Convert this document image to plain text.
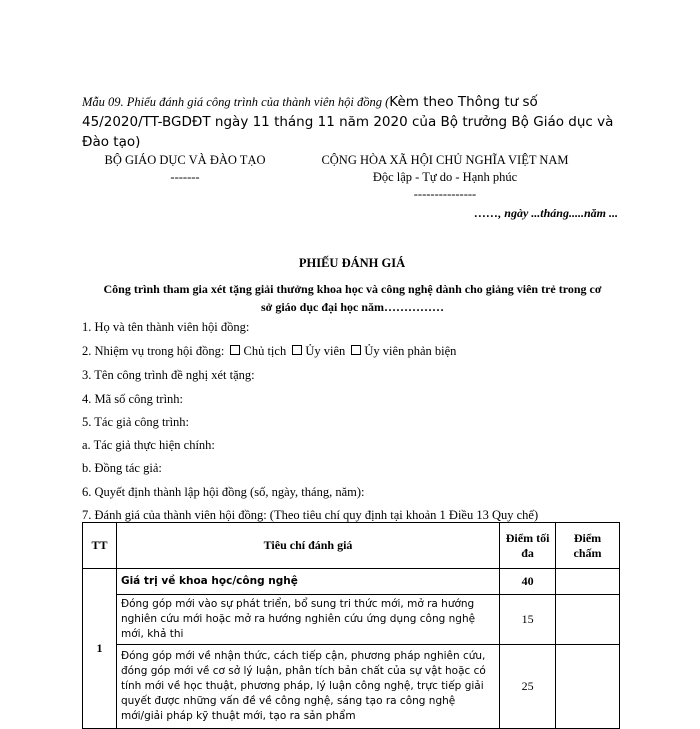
Mẫu 09. Phiếu đánh giá công trình của thành viên hội đồng (Kèm theo Thông tư số 45/2020/TT-BGDĐT ngày 11 tháng 11 năm 2020 của Bộ trưởng Bộ Giáo dục và Đào tạo)
BỘ GIÁO DỤC VÀ ĐÀO TẠO
-------
CỘNG HÒA XÃ HỘI CHỦ NGHĨA VIỆT NAM
Độc lập - Tự do - Hạnh phúc
---------------
……, ngày ...tháng.....năm ...
PHIẾU ĐÁNH GIÁ
Công trình tham gia xét tặng giải thưởng khoa học và công nghệ dành cho giảng viên trẻ trong cơ sở giáo dục đại học năm……………
1. Họ và tên thành viên hội đồng:
2. Nhiệm vụ trong hội đồng: Chủ tịch Ủy viên Ủy viên phản biện
3. Tên công trình đề nghị xét tặng:
4. Mã số công trình:
5. Tác giả công trình:
a. Tác giả thực hiện chính:
b. Đồng tác giả:
6. Quyết định thành lập hội đồng (số, ngày, tháng, năm):
7. Đánh giá của thành viên hội đồng: (Theo tiêu chí quy định tại khoản 1 Điều 13 Quy chế)
TT	Tiêu chí đánh giá	Điểm tối đa	Điểm chấm
1	Giá trị về khoa học/công nghệ	40	
	Đóng góp mới vào sự phát triển, bổ sung tri thức mới, mở ra hướng nghiên cứu mới hoặc mở ra hướng nghiên cứu ứng dụng công nghệ mới, khả thi	15	
	Đóng góp mới về nhận thức, cách tiếp cận, phương pháp nghiên cứu, đóng góp mới về cơ sở lý luận, phân tích bản chất của sự vật hoặc có tính mới về học thuật, phương pháp, lý luận công nghệ, trực tiếp giải quyết được những vấn đề về công nghệ, sáng tạo ra công nghệ mới/giải pháp kỹ thuật mới, tạo ra sản phẩm	25	
